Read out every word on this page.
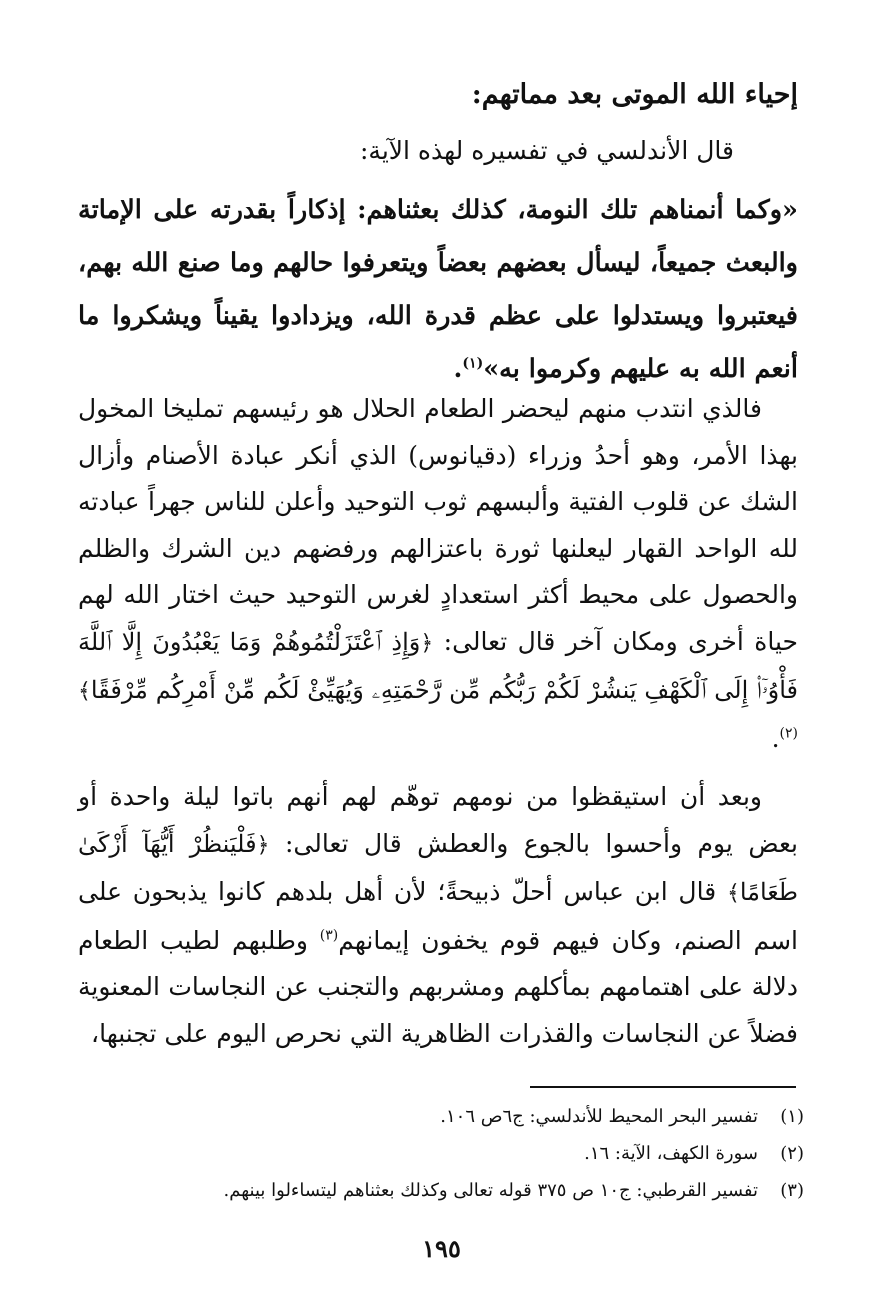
إحياء الله الموتى بعد مماتهم:
قال الأندلسي في تفسيره لهذه الآية:
«وكما أنمناهم تلك النومة، كذلك بعثناهم: إذكاراً بقدرته على الإماتة والبعث جميعاً، ليسأل بعضهم بعضاً ويتعرفوا حالهم وما صنع الله بهم، فيعتبروا ويستدلوا على عظم قدرة الله، ويزدادوا يقيناً ويشكروا ما أنعم الله به عليهم وكرموا به»$^{(١)}$.
فالذي انتدب منهم ليحضر الطعام الحلال هو رئيسهم تمليخا المخول بهذا الأمر، وهو أحدُ وزراء (دقيانوس) الذي أنكر عبادة الأصنام وأزال الشك عن قلوب الفتية وألبسهم ثوب التوحيد وأعلن للناس جهراً عبادته لله الواحد القهار ليعلنها ثورة باعتزالهم ورفضهم دين الشرك والظلم والحصول على محيط أكثر استعدادٍ لغرس التوحيد حيث اختار الله لهم حياة أخرى ومكان آخر قال تعالى: ﴿وَإِذِ ٱعْتَزَلْتُمُوهُمْ وَمَا يَعْبُدُونَ إِلَّا ٱللَّهَ فَأْوُۥٓا۟ إِلَى ٱلْكَهْفِ يَنشُرْ لَكُمْ رَبُّكُم مِّن رَّحْمَتِهِۦ وَيُهَيِّئْ لَكُم مِّنْ أَمْرِكُم مِّرْفَقًا﴾$^{(٢)}$.
وبعد أن استيقظوا من نومهم توهّم لهم أنهم باتوا ليلة واحدة أو بعض يوم وأحسوا بالجوع والعطش قال تعالى: ﴿فَلْيَنظُرْ أَيُّهَآ أَزْكَىٰ طَعَامًا﴾ قال ابن عباس أحلّ ذبيحةً؛ لأن أهل بلدهم كانوا يذبحون على اسم الصنم، وكان فيهم قوم يخفون إيمانهم$^{(٣)}$ وطلبهم لطيب الطعام دلالة على اهتمامهم بمأكلهم ومشربهم والتجنب عن النجاسات المعنوية فضلاً عن النجاسات والقذرات الظاهرية التي نحرص اليوم على تجنبها،
(١)تفسير البحر المحيط للأندلسي: ج٦ص ١٠٦.
(٢)سورة الكهف، الآية: ١٦.
(٣)تفسير القرطبي: ج١٠ ص ٣٧٥ قوله تعالى وكذلك بعثناهم ليتساءلوا بينهم.
١٩٥
